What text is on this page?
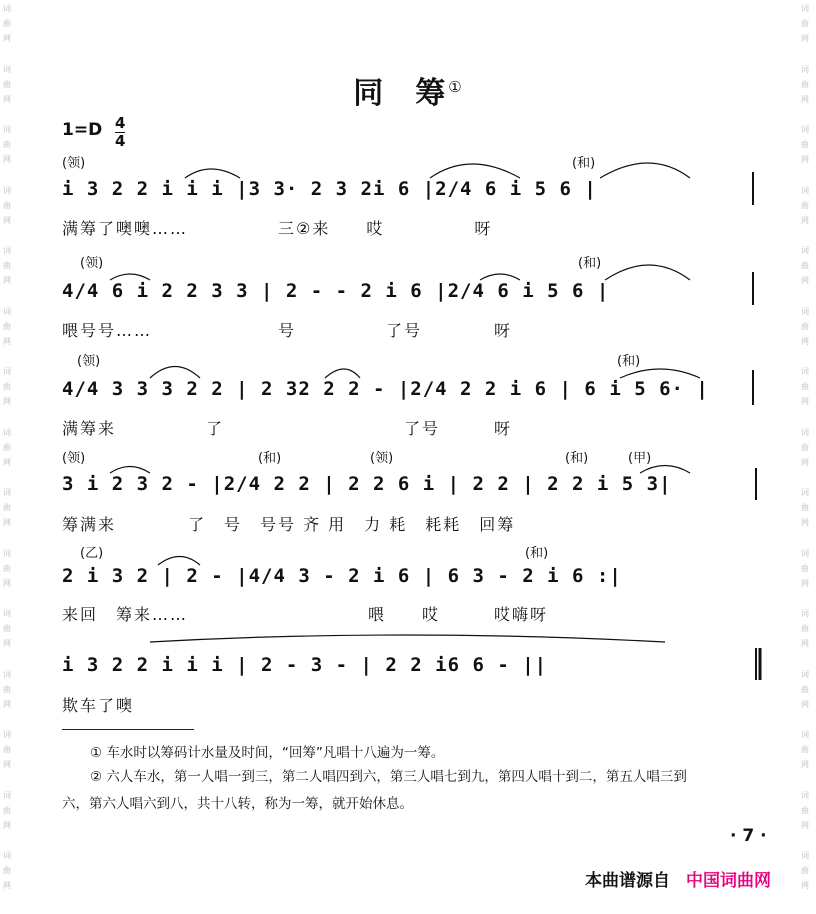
词
曲
网
词
曲
网
词
曲
网
词
曲
网
词
曲
网
词
曲
网
词
曲
网
词
曲
网
词
曲
网
词
曲
网
词
曲
网
词
曲
网
词
曲
网
词
曲
网
词
曲
网
词
曲
网
词
曲
网
词
曲
网
词
曲
网
词
曲
网
词
曲
网
词
曲
网
词
曲
网
词
曲
网
词
曲
网
词
曲
网
词
曲
网
词
曲
网
词
曲
网
词
曲
网
同　筹 ①
$1=D \frac{4}{4}$
(领)	(和)
i 3 2 2 i i i |3 3· 2 3 2i 6 |2/4 6 i 5 6 |
满筹了噢噢……　　　　　三②来　　哎　　　　　呀
(领)	(和)
4/4 6 i 2 2 3 3 | 2 - - 2 i 6 |2/4 6 i 5 6 |
喂号号……　　　　　　　号　　　　　了号　　　　呀
(领)	(和)
4/4 3 3 3 2 2 | 2 32 2 2 - |2/4 2 2 i 6 | 6 i 5 6· |
满筹来　　　　　了　　　　　　　　　　了号　　　呀
(领)	(和)	(领)	(和)	(甲)
3 i 2 3 2 - |2/4 2 2 | 2 2 6 i | 2 2 | 2 2 i 5 3|
筹满来　　　　了　号　号号 齐 用　力 耗　耗耗　回筹
(乙)	(和)
2 i 3 2 | 2 - |4/4 3 - 2 i 6 | 6 3 - 2 i 6 :|
来回　筹来……　　　　　　　　　　喂　　哎　　　哎嗨呀
i 3 2 2 i i i | 2 - 3 - | 2 2 i6 6 - ||
欺车了噢
① 车水时以筹码计水量及时间，“回筹”凡唱十八遍为一筹。
② 六人车水，第一人唱一到三，第二人唱四到六，第三人唱七到九，第四人唱十到二，第五人唱三到
六，第六人唱六到八，共十八转，称为一筹，就开始休息。
· 7 ·
本曲谱源自 中国词曲网
